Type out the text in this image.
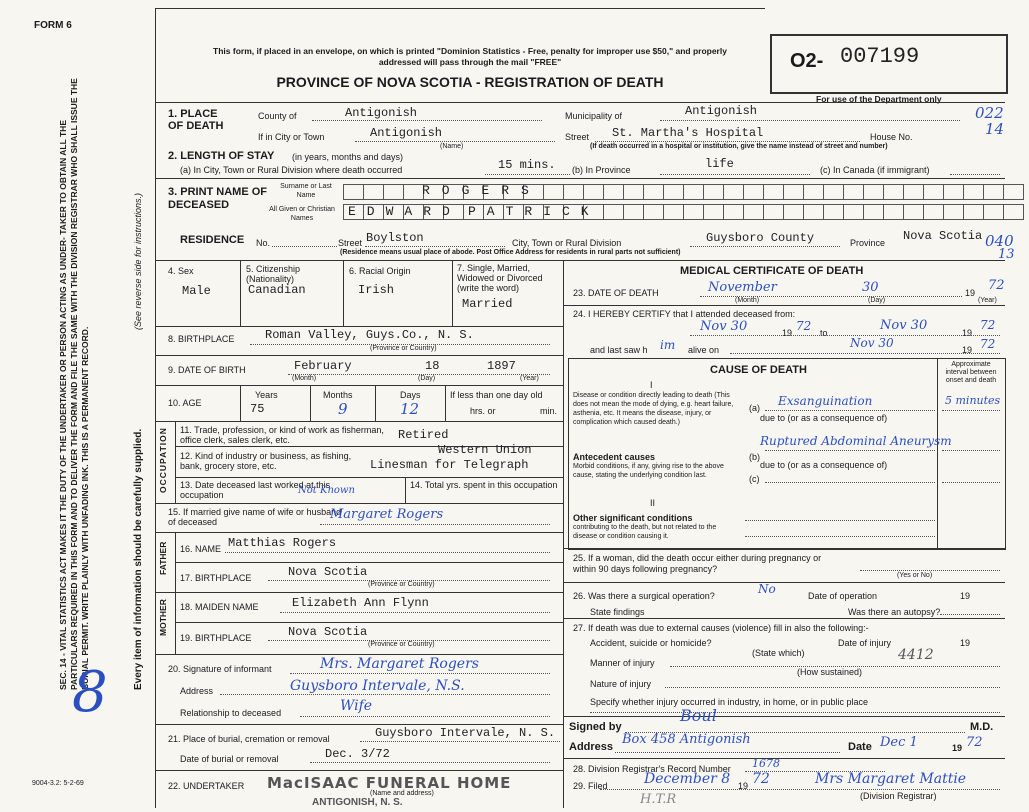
FORM 6
SEC. 14 - VITAL STATISTICS ACT MAKES IT THE DUTY OF THE UNDERTAKER OR PERSON ACTING AS UNDER- TAKER TO OBTAIN ALL THE PARTICULARS REQUIRED IN THIS FORM AND TO DELIVER THE FORM AND FILE THE SAME WITH THE DIVISION REGISTRAR WHO SHALL ISSUE THE BURIAL PERMIT. WRITE PLAINLY WITH UNFADING INK. THIS IS A PERMANENT RECORD.
(See reverse side for instructions.)
Every item of information should be carefully supplied.
8
9004-3.2: 5-2-69
This form, if placed in an envelope, on which is printed "Dominion Statistics - Free, penalty for improper use $50," and properly addressed will pass through the mail "FREE"
PROVINCE OF NOVA SCOTIA - REGISTRATION OF DEATH
O2- 007199
For use of the Department only
1. PLACE OF DEATH
County of	Antigonish	Municipality of	Antigonish	022
If in City or Town	Antigonish
(Name)
Street St. Martha's Hospital	House No.	14
(If death occurred in a hospital or institution, give the name instead of street and number)
2. LENGTH OF STAY (in years, months and days)
(a) In City, Town or Rural Division where death occurred	15 mins. (b) In Province	life	(c) In Canada (if immigrant)
3. PRINT NAME OF DECEASED
Surname or Last Name
All Given or Christian Names
ROGERS
EDWARD PATRICK
RESIDENCE No.	Street Boylston	City, Town or Rural Division	Guysboro County	Province Nova Scotia 040
13
(Residence means usual place of abode. Post Office Address for residents in rural parts not sufficient)
4. Sex
Male
5. Citizenship (Nationality)
Canadian
6. Racial Origin
Irish
7. Single, Married, Widowed or Divorced (write the word)
Married
8. BIRTHPLACE	Roman Valley, Guys.Co., N. S.
(Province or Country)
9. DATE OF BIRTH	February	18	1897
(Month)	(Day)	(Year)
10. AGE
Years
75
Months
9
Days
12
If less than one day old
hrs. or	min.
OCCUPATION 11. Trade, profession, or kind of work as fisherman, office clerk, sales clerk, etc.	Retired
12. Kind of industry or business, as fishing, bank, grocery store, etc.
Western Union
Linesman for Telegraph
13. Date deceased last worked at this occupation	Not Known	14. Total yrs. spent in this occupation
15. If married give name of wife or husband of deceased	Margaret Rogers
FATHER 16. NAME Matthias Rogers
17. BIRTHPLACE	Nova Scotia
(Province or Country)
MOTHER 18. MAIDEN NAME	Elizabeth Ann Flynn
19. BIRTHPLACE	Nova Scotia
(Province or Country)
20. Signature of informant	Mrs. Margaret Rogers
Address	Guysboro Intervale, N.S.
Relationship to deceased	Wife
21. Place of burial, cremation or removal	Guysboro Intervale, N. S.
Date of burial or removal	Dec. 3/72
22. UNDERTAKER MacISAAC FUNERAL HOME
(Name and address)
ANTIGONISH, N. S.
MEDICAL CERTIFICATE OF DEATH
23. DATE OF DEATH	November	30	19 72
(Month)	(Day)	(Year)
24. I HEREBY CERTIFY that I attended deceased from:
Nov 30	19 72 to	Nov 30	19
72
and last saw h im alive on	Nov 30	19 72
CAUSE OF DEATH	Approximate interval between onset and death
I
Disease or condition directly leading to death (This does not mean the mode of dying, e.g. heart failure, asthenia, etc. It means the disease, injury, or complication which caused death.)
(a) Exsanguination	5 minutes
due to (or as a consequence of)
Antecedent causes
Morbid conditions, if any, giving rise to the above cause, stating the underlying condition last.
(b)
Ruptured Abdominal Aneurysm
due to (or as a consequence of)
(c)
II
Other significant conditions
contributing to the death, but not related to the disease or condition causing it.
25. If a woman, did the death occur either during pregnancy or within 90 days following pregnancy?
(Yes or No)
26. Was there a surgical operation?	No	Date of operation	19
State findings	Was there an autopsy?
27. If death was due to external causes (violence) fill in also the following:-
Accident, suicide or homicide?	Date of injury	19
(State which)	4412
Manner of injury
(How sustained)
Nature of injury
Specify whether injury occurred in industry, in home, or in public place
Signed by
Boul
M.D.
Address Box 458 Antigonish	Date Dec 1	19 72
28. Division Registrar's Record Number 1678
29. Filed	December 8 19 72	Mrs Margaret Mattie
(Division Registrar)
H.T.R
